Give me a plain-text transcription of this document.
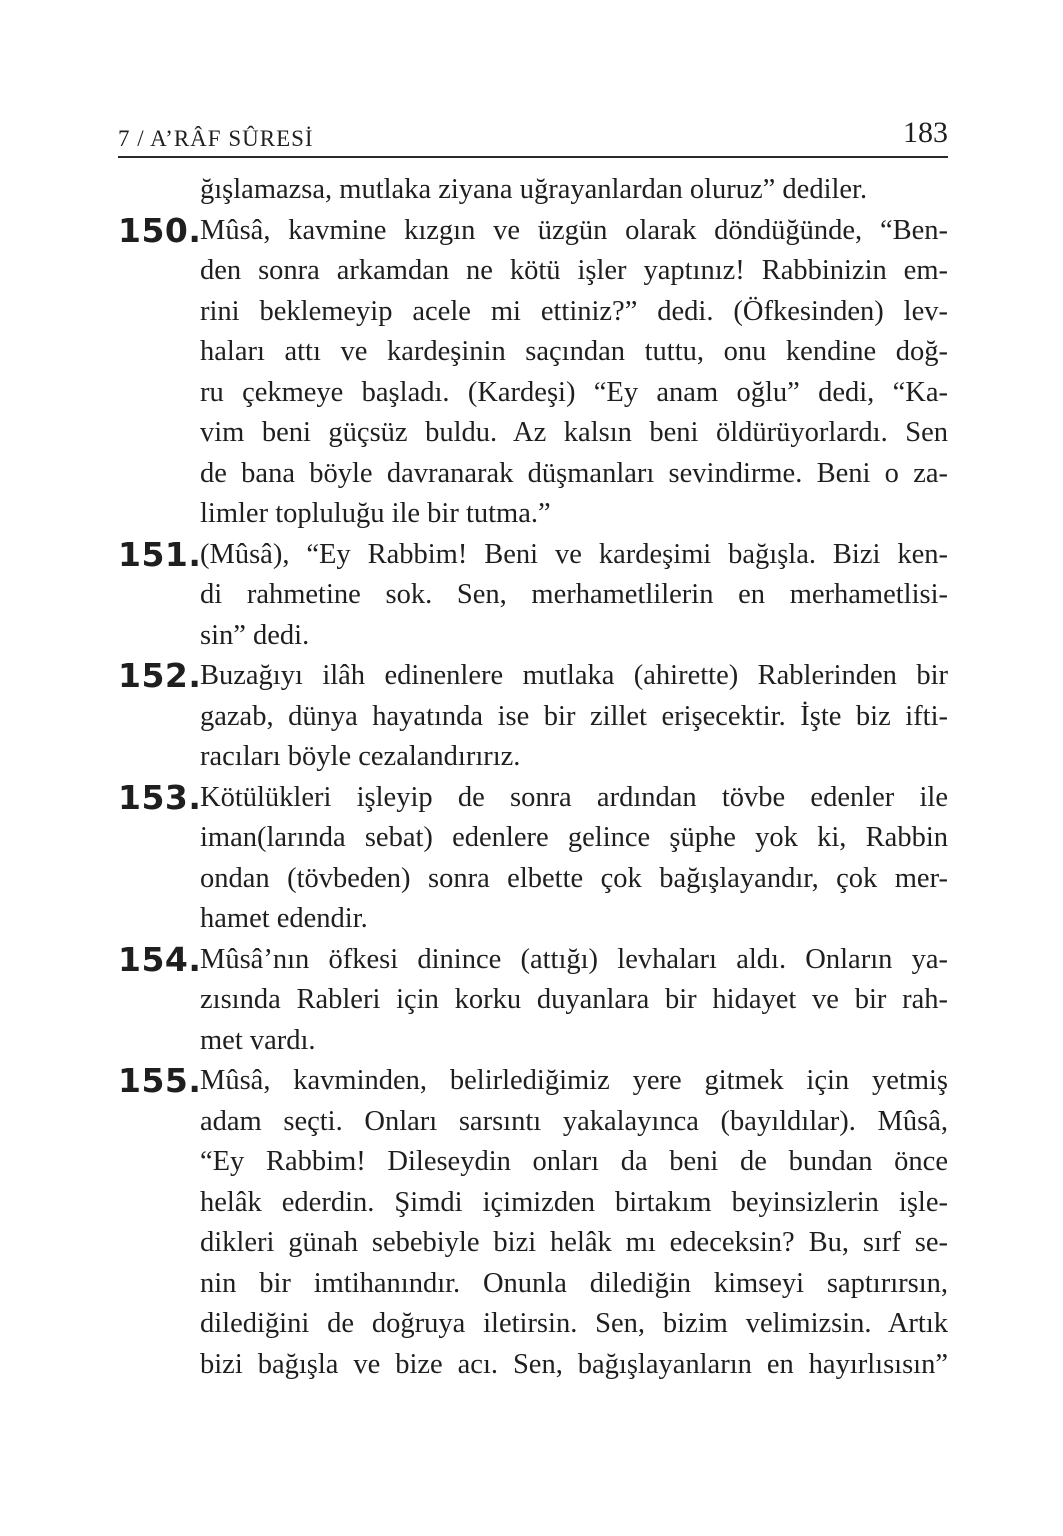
7 / A’RÂF SÛRESİ	183
ğışlamazsa, mutlaka ziyana uğrayanlardan oluruz” dediler.
150.
Mûsâ, kavmine kızgın ve üzgün olarak döndüğünde, “Ben-
den sonra arkamdan ne kötü işler yaptınız! Rabbinizin em-
rini beklemeyip acele mi ettiniz?” dedi. (Öfkesinden) lev-
haları attı ve kardeşinin saçından tuttu, onu kendine doğ-
ru çekmeye başladı. (Kardeşi) “Ey anam oğlu” dedi, “Ka-
vim beni güçsüz buldu. Az kalsın beni öldürüyorlardı. Sen
de bana böyle davranarak düşmanları sevindirme. Beni o za-
limler topluluğu ile bir tutma.”
151.
(Mûsâ), “Ey Rabbim! Beni ve kardeşimi bağışla. Bizi ken-
di rahmetine sok. Sen, merhametlilerin en merhametlisi-
sin” dedi.
152.
Buzağıyı ilâh edinenlere mutlaka (ahirette) Rablerinden bir
gazab, dünya hayatında ise bir zillet erişecektir. İşte biz ifti-
racıları böyle cezalandırırız.
153.
Kötülükleri işleyip de sonra ardından tövbe edenler ile
iman(larında sebat) edenlere gelince şüphe yok ki, Rabbin
ondan (tövbeden) sonra elbette çok bağışlayandır, çok mer-
hamet edendir.
154.
Mûsâ’nın öfkesi dinince (attığı) levhaları aldı. Onların ya-
zısında Rableri için korku duyanlara bir hidayet ve bir rah-
met vardı.
155.
Mûsâ, kavminden, belirlediğimiz yere gitmek için yetmiş
adam seçti. Onları sarsıntı yakalayınca (bayıldılar). Mûsâ,
“Ey Rabbim! Dileseydin onları da beni de bundan önce
helâk ederdin. Şimdi içimizden birtakım beyinsizlerin işle-
dikleri günah sebebiyle bizi helâk mı edeceksin? Bu, sırf se-
nin bir imtihanındır. Onunla dilediğin kimseyi saptırırsın,
dilediğini de doğruya iletirsin. Sen, bizim velimizsin. Artık
bizi bağışla ve bize acı. Sen, bağışlayanların en hayırlısısın”
